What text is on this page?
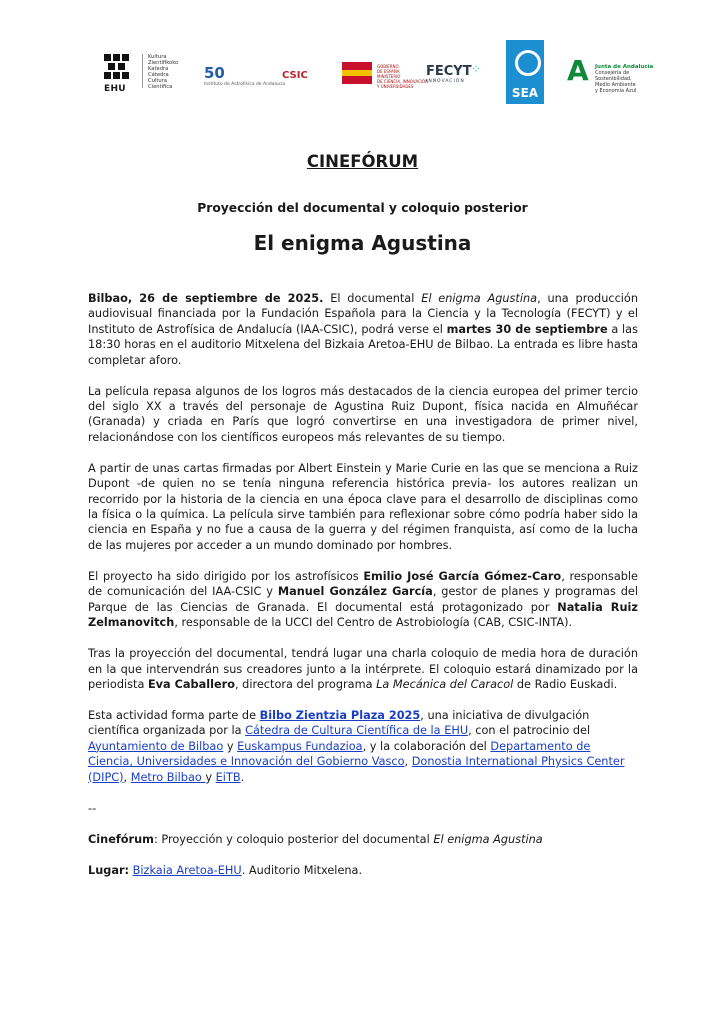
EHU
Kultura
Zientifikoko
Katedra
Cátedra
Cultura
Científica
50
Instituto de Astrofísica de Andalucía
CSIC
GOBIERNO
DE ESPAÑA
MINISTERIO
DE CIENCIA, INNOVACIÓN
Y UNIVERSIDADES
FECYT
INNOVACIÓN
⁘
SEA
A Junta de Andalucía
Consejería de Sostenibilidad,
Medio Ambiente
y Economía Azul
CINEFÓRUM
Proyección del documental y coloquio posterior
El enigma Agustina

Bilbao, 26 de septiembre de 2025. El documental El enigma Agustina, una producción audiovisual financiada por la Fundación Española para la Ciencia y la Tecnología (FECYT) y el Instituto de Astrofísica de Andalucía (IAA-CSIC), podrá verse el martes 30 de septiembre a las 18:30 horas en el auditorio Mitxelena del Bizkaia Aretoa-EHU de Bilbao. La entrada es libre hasta completar aforo.

La película repasa algunos de los logros más destacados de la ciencia europea del primer tercio del siglo XX a través del personaje de Agustina Ruiz Dupont, física nacida en Almuñécar (Granada) y criada en París que logró convertirse en una investigadora de primer nivel, relacionándose con los científicos europeos más relevantes de su tiempo.

A partir de unas cartas firmadas por Albert Einstein y Marie Curie en las que se menciona a Ruiz Dupont -de quien no se tenía ninguna referencia histórica previa- los autores realizan un recorrido por la historia de la ciencia en una época clave para el desarrollo de disciplinas como la física o la química. La película sirve también para reflexionar sobre cómo podría haber sido la ciencia en España y no fue a causa de la guerra y del régimen franquista, así como de la lucha de las mujeres por acceder a un mundo dominado por hombres.

El proyecto ha sido dirigido por los astrofísicos Emilio José García Gómez-Caro, responsable de comunicación del IAA-CSIC y Manuel González García, gestor de planes y programas del Parque de las Ciencias de Granada. El documental está protagonizado por Natalia Ruiz Zelmanovitch, responsable de la UCCI del Centro de Astrobiología (CAB, CSIC-INTA).

Tras la proyección del documental, tendrá lugar una charla coloquio de media hora de duración en la que intervendrán sus creadores junto a la intérprete. El coloquio estará dinamizado por la periodista Eva Caballero, directora del programa La Mecánica del Caracol de Radio Euskadi.

Esta actividad forma parte de Bilbo Zientzia Plaza 2025, una iniciativa de divulgación científica organizada por la Cátedra de Cultura Científica de la EHU, con el patrocinio del Ayuntamiento de Bilbao y Euskampus Fundazioa, y la colaboración del Departamento de Ciencia, Universidades e Innovación del Gobierno Vasco, Donostia International Physics Center (DIPC), Metro Bilbao y EiTB.

--

Cinefórum: Proyección y coloquio posterior del documental El enigma Agustina

Lugar: Bizkaia Aretoa-EHU. Auditorio Mitxelena.
